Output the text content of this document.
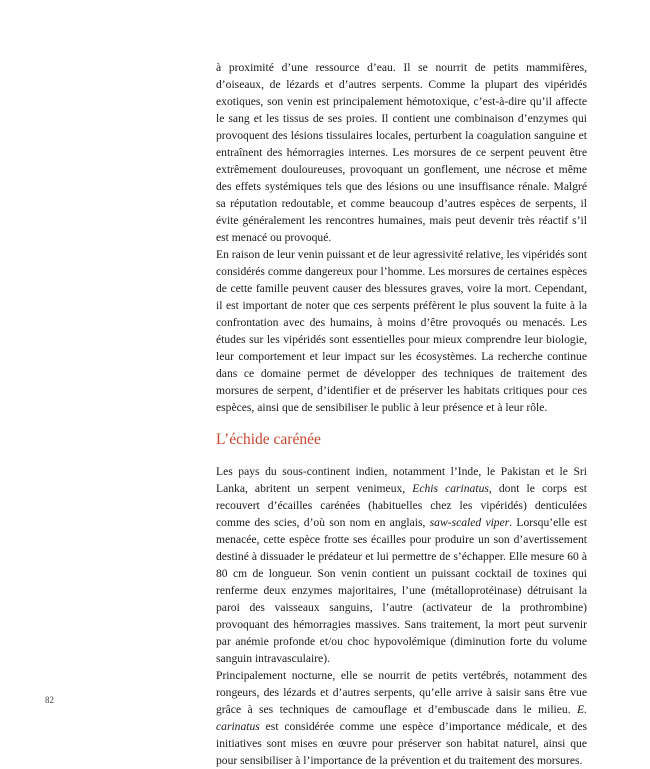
à proximité d’une ressource d’eau. Il se nourrit de petits mammifères, d’oiseaux, de lézards et d’autres serpents. Comme la plupart des vipéridés exotiques, son venin est principalement hémotoxique, c’est-à-dire qu’il affecte le sang et les tissus de ses proies. Il contient une combinaison d’enzymes qui provoquent des lésions tissulaires locales, perturbent la coagulation sanguine et entraînent des hémorragies internes. Les morsures de ce serpent peuvent être extrêmement douloureuses, provoquant un gonflement, une nécrose et même des effets systémiques tels que des lésions ou une insuffisance rénale. Malgré sa réputation redoutable, et comme beaucoup d’autres espèces de serpents, il évite généralement les rencontres humaines, mais peut devenir très réactif s’il est menacé ou provoqué.

En raison de leur venin puissant et de leur agressivité relative, les vipéridés sont considérés comme dangereux pour l’homme. Les morsures de certaines espèces de cette famille peuvent causer des blessures graves, voire la mort. Cependant, il est important de noter que ces serpents préfèrent le plus souvent la fuite à la confrontation avec des humains, à moins d’être provoqués ou menacés. Les études sur les vipéridés sont essentielles pour mieux comprendre leur biologie, leur comportement et leur impact sur les écosystèmes. La recherche continue dans ce domaine permet de développer des techniques de traitement des morsures de serpent, d’identifier et de préserver les habitats critiques pour ces espèces, ainsi que de sensibiliser le public à leur présence et à leur rôle.

L’échide carénée

Les pays du sous-continent indien, notamment l’Inde, le Pakistan et le Sri Lanka, abritent un serpent venimeux, Echis carinatus, dont le corps est recouvert d’écailles carénées (habituelles chez les vipéridés) denticulées comme des scies, d’où son nom en anglais, saw-scaled viper. Lorsqu’elle est menacée, cette espèce frotte ses écailles pour produire un son d’avertissement destiné à dissuader le prédateur et lui permettre de s’échapper. Elle mesure 60 à 80 cm de longueur. Son venin contient un puissant cocktail de toxines qui renferme deux enzymes majoritaires, l’une (métalloprotéinase) détruisant la paroi des vaisseaux sanguins, l’autre (activateur de la prothrombine) provoquant des hémorragies massives. Sans traitement, la mort peut survenir par anémie profonde et/ou choc hypovolémique (diminution forte du volume sanguin intravasculaire).

Principalement nocturne, elle se nourrit de petits vertébrés, notamment des rongeurs, des lézards et d’autres serpents, qu’elle arrive à saisir sans être vue grâce à ses techniques de camouflage et d’embuscade dans le milieu. E. carinatus est considérée comme une espèce d’importance médicale, et des initiatives sont mises en œuvre pour préserver son habitat naturel, ainsi que pour sensibiliser à l’importance de la prévention et du traitement des morsures.

82
